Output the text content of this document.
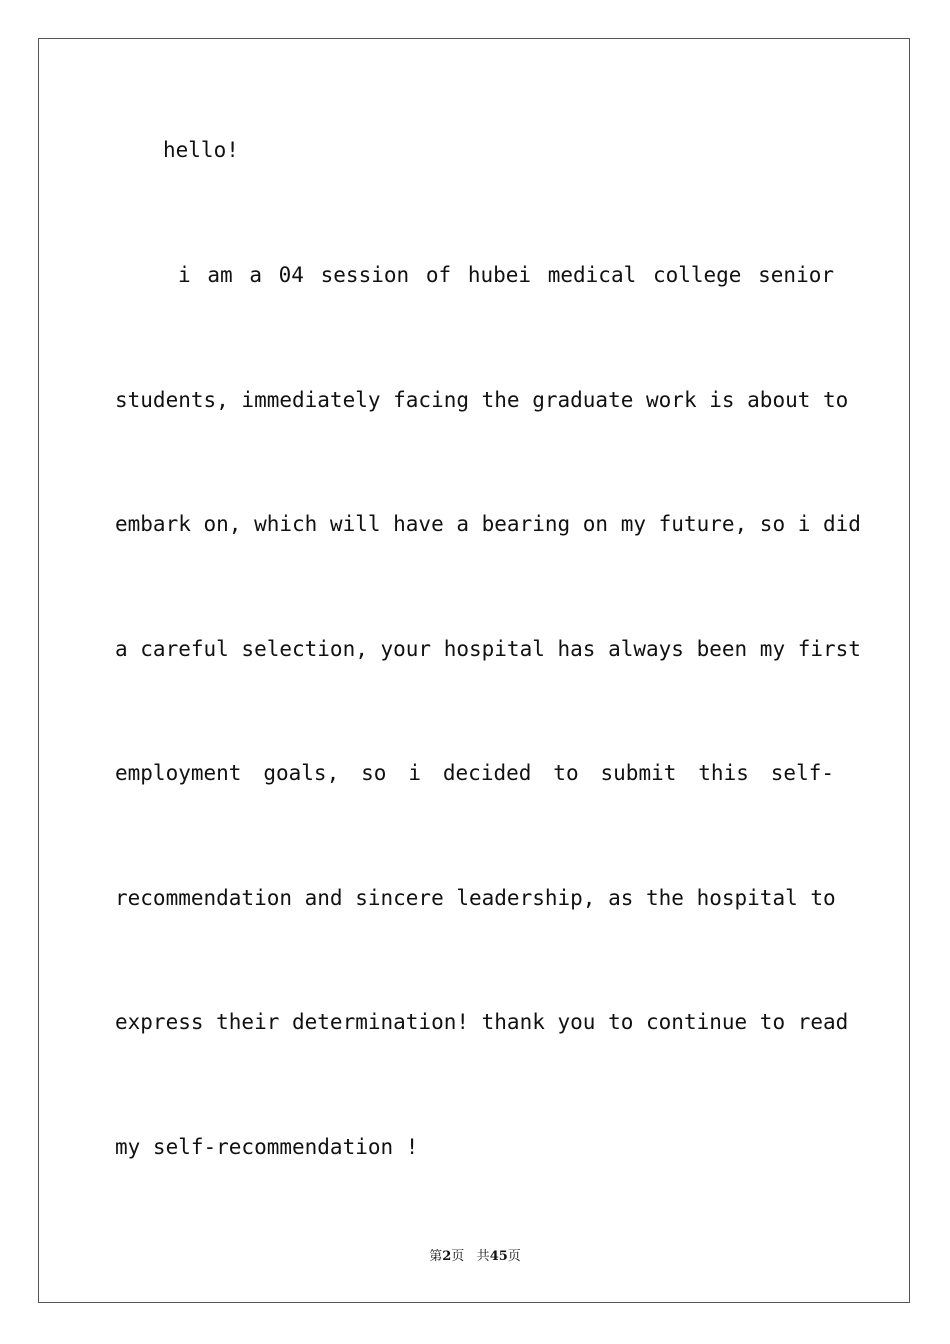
hello!
i am a 04 session of hubei medical college senior
students, immediately facing the graduate work is about to
embark on, which will have a bearing on my future, so i did
a careful selection, your hospital has always been my first
employment goals, so i decided to submit this self-
recommendation and sincere leadership, as the hospital to
express their determination! thank you to continue to read
my self-recommendation !
第2页 共45页
